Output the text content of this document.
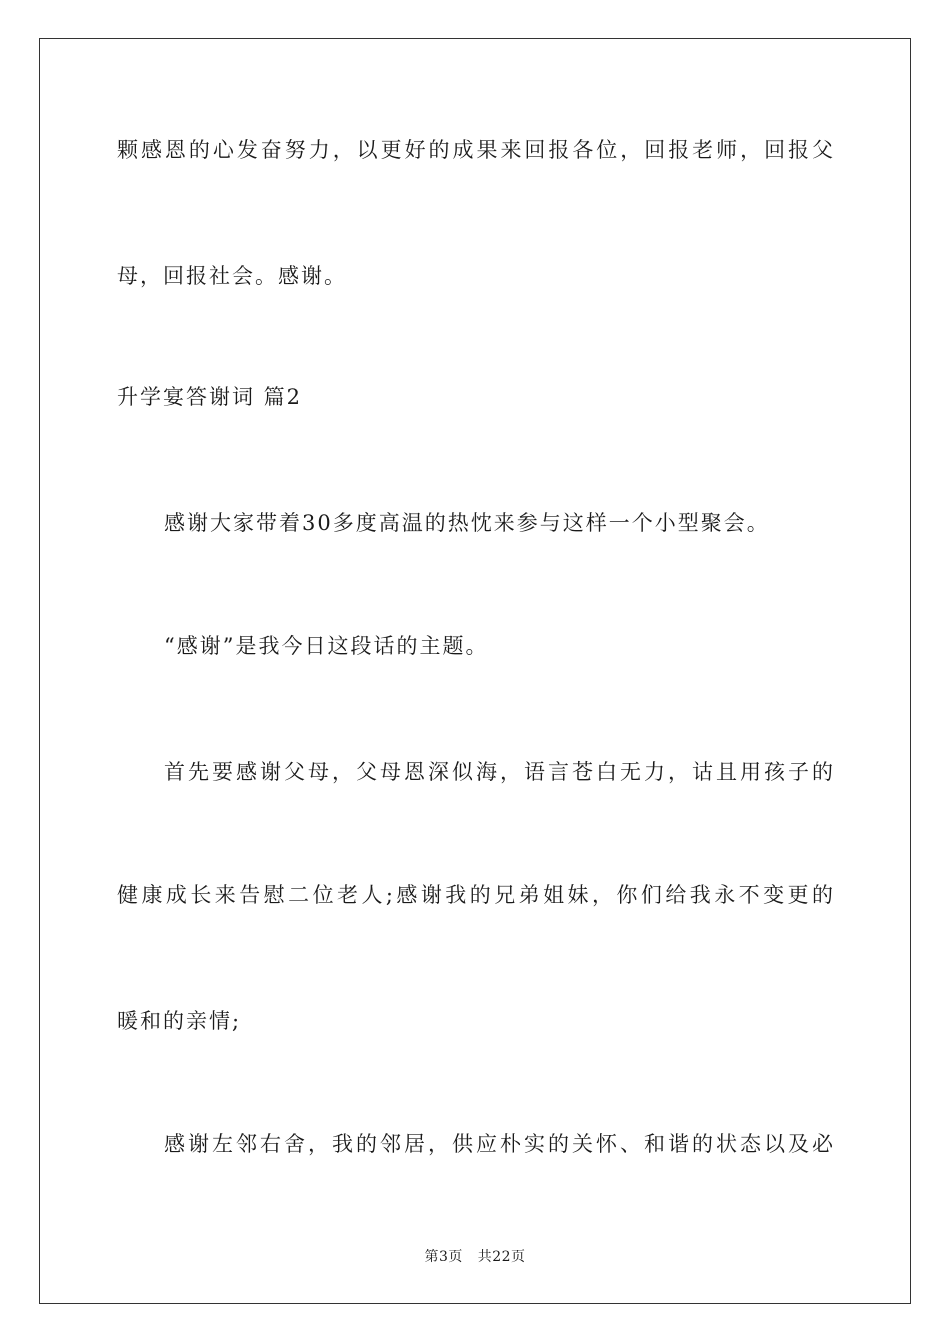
颗感恩的心发奋努力，以更好的成果来回报各位，回报老师，回报父
母，回报社会。感谢。
升学宴答谢词 篇2
感谢大家带着30多度高温的热忱来参与这样一个小型聚会。
“感谢”是我今日这段话的主题。
首先要感谢父母，父母恩深似海，语言苍白无力，诂且用孩子的
健康成长来告慰二位老人;感谢我的兄弟姐妹，你们给我永不变更的
暖和的亲情;
感谢左邻右舍，我的邻居，供应朴实的关怀、和谐的状态以及必
第3页   共22页
